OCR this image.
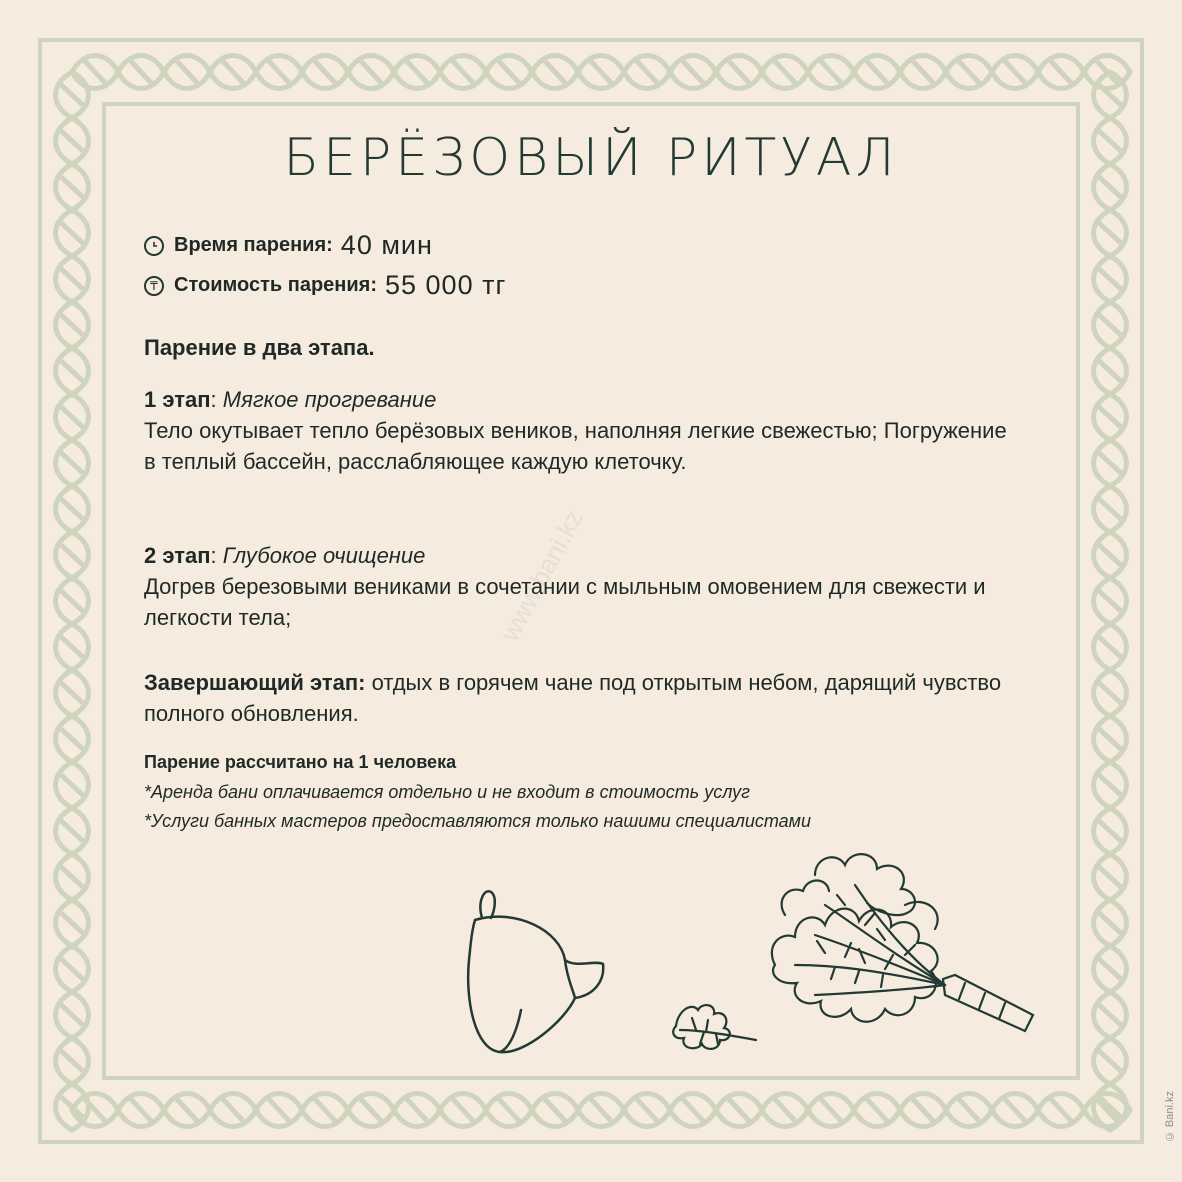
БЕРЁЗОВЫЙ РИТУАЛ
Время парения: 40 мин
₸ Стоимость парения: 55 000 тг
Парение в два этапа.
1 этап: Мягкое прогревание
Тело окутывает тепло берёзовых веников, наполняя легкие свежестью; Погружение в теплый бассейн, расслабляющее каждую клеточку.
2 этап: Глубокое очищение
Догрев березовыми вениками в сочетании с мыльным омовением для свежести и легкости тела;
Завершающий этап: отдых в горячем чане под открытым небом, дарящий чувство полного обновления.
Парение рассчитано на 1 человека
*Аренда бани оплачивается отдельно и не входит в стоимость услуг
*Услуги банных мастеров предоставляются только нашими специалистами
www.bani.kz
© Bani.kz
